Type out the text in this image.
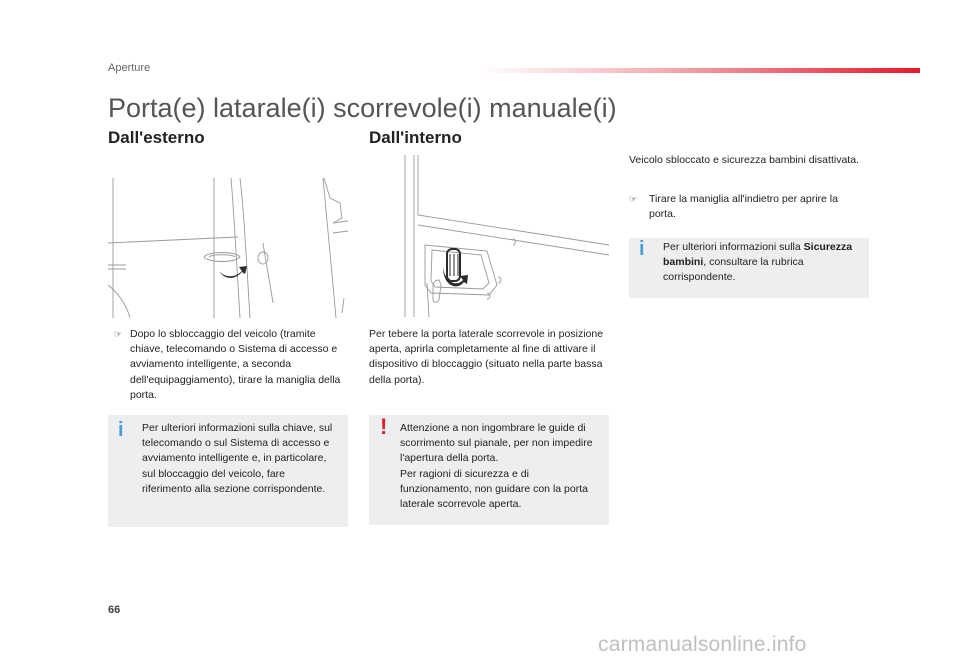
Aperture
Porta(e) latarale(i) scorrevole(i) manuale(i)
Dall'esterno
☞ Dopo lo sbloccaggio del veicolo (tramite chiave, telecomando o Sistema di accesso e avviamento intelligente, a seconda dell'equipaggiamento), tirare la maniglia della porta.
i Per ulteriori informazioni sulla chiave, sul telecomando o sul Sistema di accesso e avviamento intelligente e, in particolare, sul bloccaggio del veicolo, fare riferimento alla sezione corrispondente.
Dall'interno
Per tebere la porta laterale scorrevole in posizione aperta, aprirla completamente al fine di attivare il dispositivo di bloccaggio (situato nella parte bassa della porta).
! Attenzione a non ingombrare le guide di scorrimento sul pianale, per non impedire l'apertura della porta.
Per ragioni di sicurezza e di funzionamento, non guidare con la porta laterale scorrevole aperta.
Veicolo sbloccato e sicurezza bambini disattivata.
☞	Tirare la maniglia all'indietro per aprire la porta.
i Per ulteriori informazioni sulla Sicurezza bambini, consultare la rubrica corrispondente.
66
carmanualsonline.info
